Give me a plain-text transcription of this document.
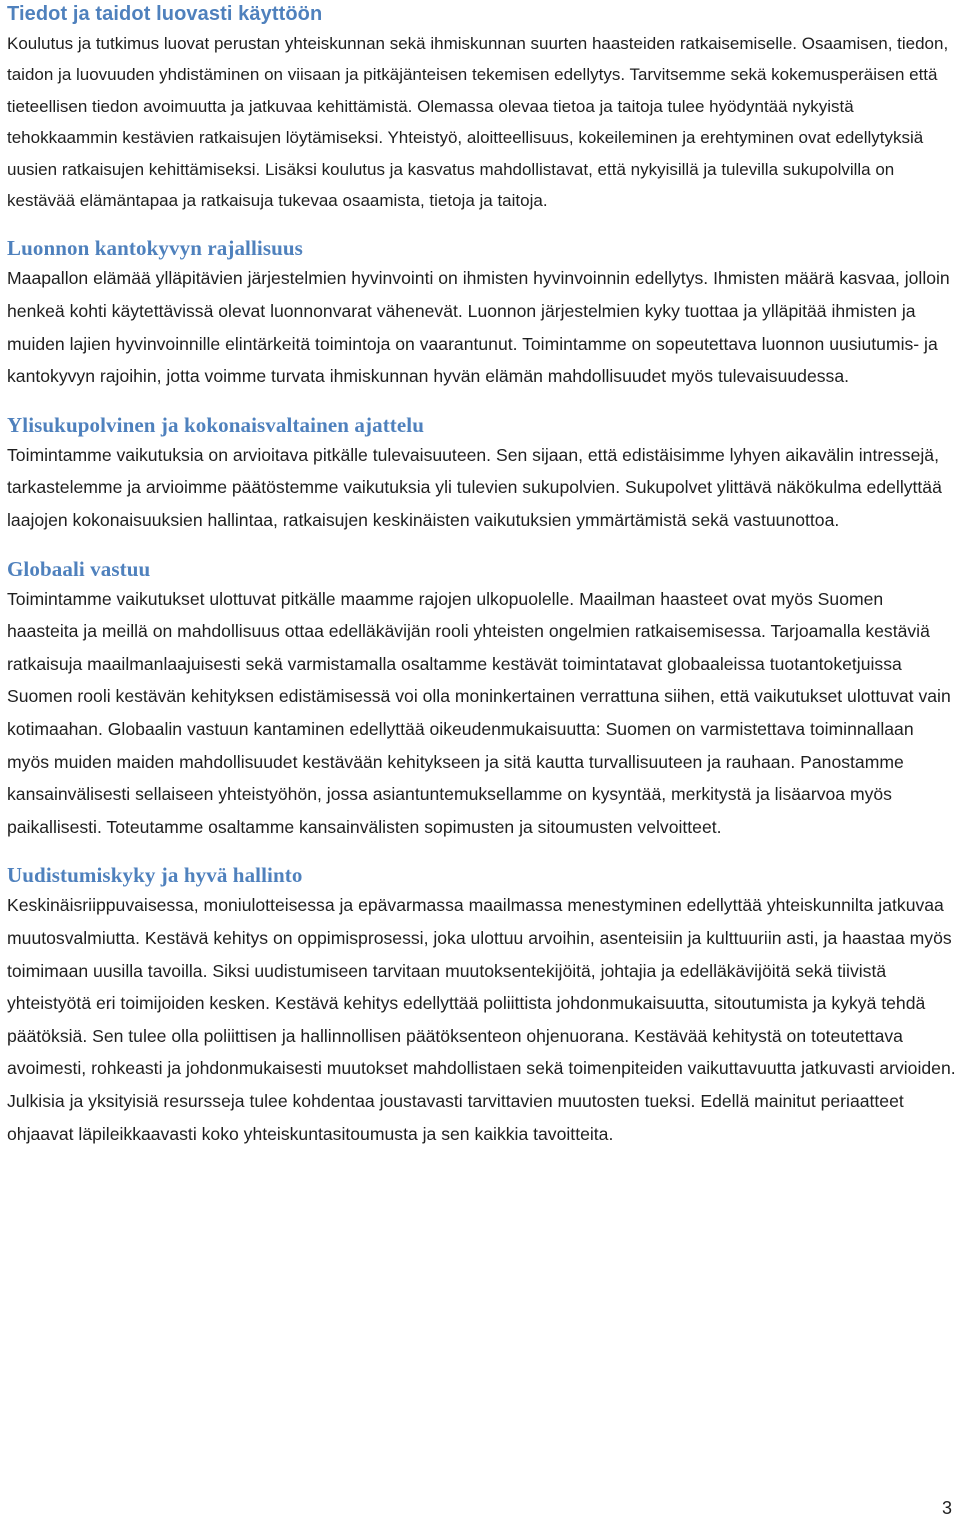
Tiedot ja taidot luovasti käyttöön

Koulutus ja tutkimus luovat perustan yhteiskunnan sekä ihmiskunnan suurten haasteiden ratkaisemiselle. Osaamisen, tiedon, taidon ja luovuuden yhdistäminen on viisaan ja pitkäjänteisen tekemisen edellytys. Tarvitsemme sekä kokemusperäisen että tieteellisen tiedon avoimuutta ja jatkuvaa kehittämistä. Olemassa olevaa tietoa ja taitoja tulee hyödyntää nykyistä tehokkaammin kestävien ratkaisujen löytämiseksi. Yhteistyö, aloitteellisuus, kokeileminen ja erehtyminen ovat edellytyksiä uusien ratkaisujen kehittämiseksi. Lisäksi koulutus ja kasvatus mahdollistavat, että nykyisillä ja tulevilla sukupolvilla on kestävää elämäntapaa ja ratkaisuja tukevaa osaamista, tietoja ja taitoja.

Luonnon kantokyvyn rajallisuus

Maapallon elämää ylläpitävien järjestelmien hyvinvointi on ihmisten hyvinvoinnin edellytys. Ihmisten määrä kasvaa, jolloin henkeä kohti käytettävissä olevat luonnonvarat vähenevät. Luonnon järjestelmien kyky tuottaa ja ylläpitää ihmisten ja muiden lajien hyvinvoinnille elintärkeitä toimintoja on vaarantunut. Toimintamme on sopeutettava luonnon uusiutumis- ja kantokyvyn rajoihin, jotta voimme turvata ihmiskunnan hyvän elämän mahdollisuudet myös tulevaisuudessa.

Ylisukupolvinen ja kokonaisvaltainen ajattelu

Toimintamme vaikutuksia on arvioitava pitkälle tulevaisuuteen. Sen sijaan, että edistäisimme lyhyen aikavälin intressejä, tarkastelemme ja arvioimme päätöstemme vaikutuksia yli tulevien sukupolvien. Sukupolvet ylittävä näkökulma edellyttää laajojen kokonaisuuksien hallintaa, ratkaisujen keskinäisten vaikutuksien ymmärtämistä sekä vastuunottoa.

Globaali vastuu

Toimintamme vaikutukset ulottuvat pitkälle maamme rajojen ulkopuolelle. Maailman haasteet ovat myös Suomen haasteita ja meillä on mahdollisuus ottaa edelläkävijän rooli yhteisten ongelmien ratkaisemisessa. Tarjoamalla kestäviä ratkaisuja maailmanlaajuisesti sekä varmistamalla osaltamme kestävät toimintatavat globaaleissa tuotantoketjuissa Suomen rooli kestävän kehityksen edistämisessä voi olla moninkertainen verrattuna siihen, että vaikutukset ulottuvat vain kotimaahan. Globaalin vastuun kantaminen edellyttää oikeudenmukaisuutta: Suomen on varmistettava toiminnallaan myös muiden maiden mahdollisuudet kestävään kehitykseen ja sitä kautta turvallisuuteen ja rauhaan. Panostamme kansainvälisesti sellaiseen yhteistyöhön, jossa asiantuntemuksellamme on kysyntää, merkitystä ja lisäarvoa myös paikallisesti. Toteutamme osaltamme kansainvälisten sopimusten ja sitoumusten velvoitteet.

Uudistumiskyky ja hyvä hallinto

Keskinäisriippuvaisessa, moniulotteisessa ja epävarmassa maailmassa menestyminen edellyttää yhteiskunnilta jatkuvaa muutosvalmiutta. Kestävä kehitys on oppimisprosessi, joka ulottuu arvoihin, asenteisiin ja kulttuuriin asti, ja haastaa myös toimimaan uusilla tavoilla. Siksi uudistumiseen tarvitaan muutoksentekijöitä, johtajia ja edelläkävijöitä sekä tiivistä yhteistyötä eri toimijoiden kesken. Kestävä kehitys edellyttää poliittista johdonmukaisuutta, sitoutumista ja kykyä tehdä päätöksiä. Sen tulee olla poliittisen ja hallinnollisen päätöksenteon ohjenuorana. Kestävää kehitystä on toteutettava avoimesti, rohkeasti ja johdonmukaisesti muutokset mahdollistaen sekä toimenpiteiden vaikuttavuutta jatkuvasti arvioiden. Julkisia ja yksityisiä resursseja tulee kohdentaa joustavasti tarvittavien muutosten tueksi. Edellä mainitut periaatteet ohjaavat läpileikkaavasti koko yhteiskuntasitoumusta ja sen kaikkia tavoitteita.

3
